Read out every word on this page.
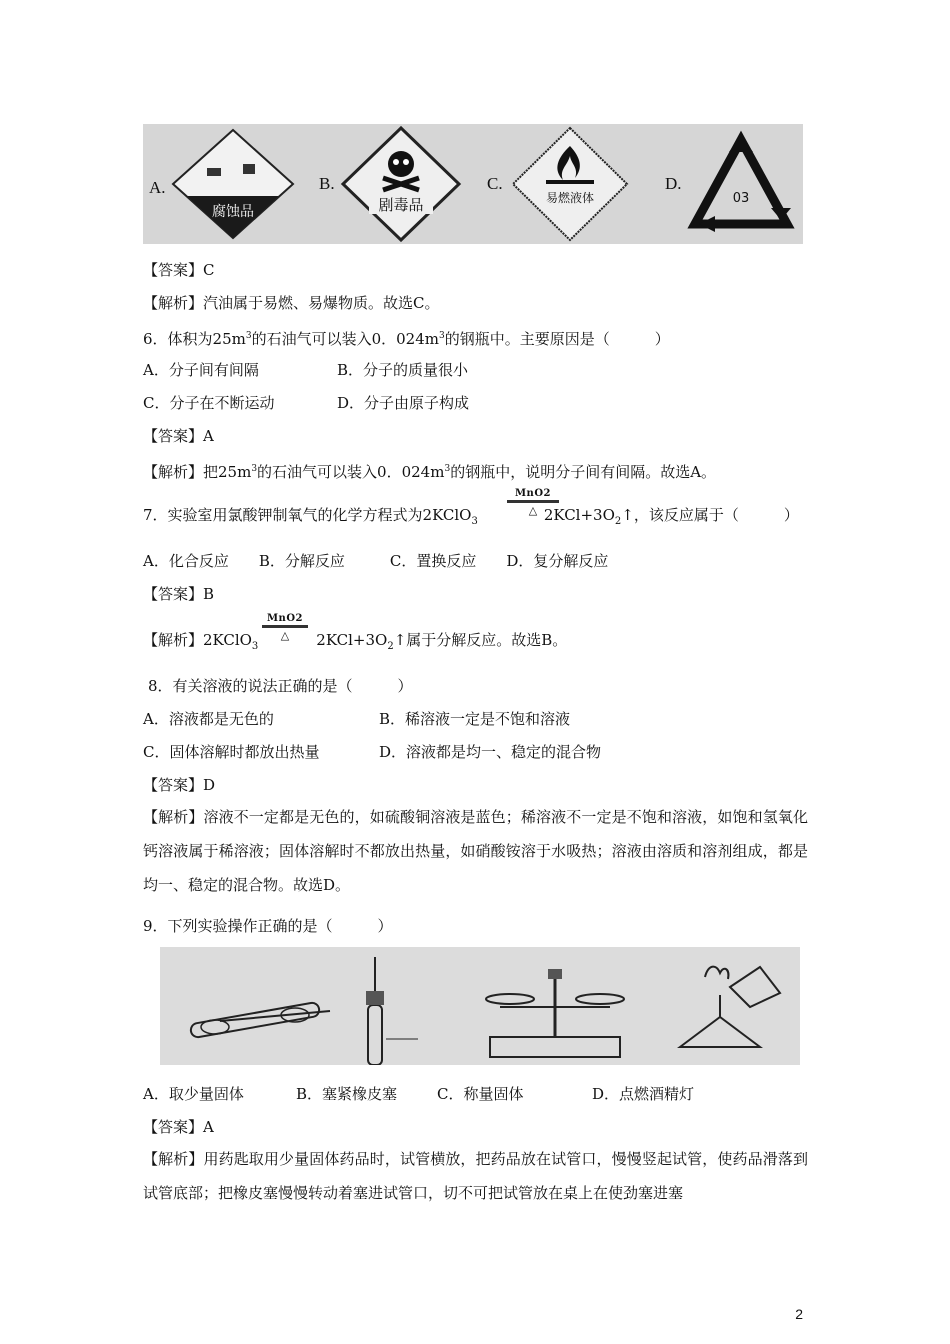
腐蚀品	剧毒品	易燃液体	03
A.	B.	C.	D.
【答案】C
【解析】汽油属于易燃、易爆物质。故选C。
6．体积为$25m^3$的石油气可以装入0．$024m^3$的钢瓶中。主要原因是（　　　）
A．分子间有间隔	B．分子的质量很小
C．分子在不断运动	D．分子由原子构成
【答案】A
【解析】把$25m^3$的石油气可以装入0．$024m^3$的钢瓶中，说明分子间有间隔。故选A。
7．实验室用氯酸钾制氧气的化学方程式为2KClO$_3$	$2KCl+3O_2↑$，该反应属于（　　　）
MnO2
△
A．化合反应　　B．分解反应　　　C．置换反应　　D．复分解反应
【答案】B
【解析】2KClO$_3$	$2KCl+3O_2↑$属于分解反应。故选B。
MnO2
△
8．有关溶液的说法正确的是（　　　）
A．溶液都是无色的	B．稀溶液一定是不饱和溶液
C．固体溶解时都放出热量	D．溶液都是均一、稳定的混合物
【答案】D
【解析】溶液不一定都是无色的，如硫酸铜溶液是蓝色；稀溶液不一定是不饱和溶液，如饱和氢氧化钙溶液属于稀溶液；固体溶解时不都放出热量，如硝酸铵溶于水吸热；溶液由溶质和溶剂组成，都是均一、稳定的混合物。故选D。
9．下列实验操作正确的是（　　　）
A．取少量固体	B．塞紧橡皮塞	C．称量固体	D．点燃酒精灯
【答案】A
【解析】用药匙取用少量固体药品时，试管横放，把药品放在试管口，慢慢竖起试管，使药品滑落到试管底部；把橡皮塞慢慢转动着塞进试管口，切不可把试管放在桌上在使劲塞进塞
2
